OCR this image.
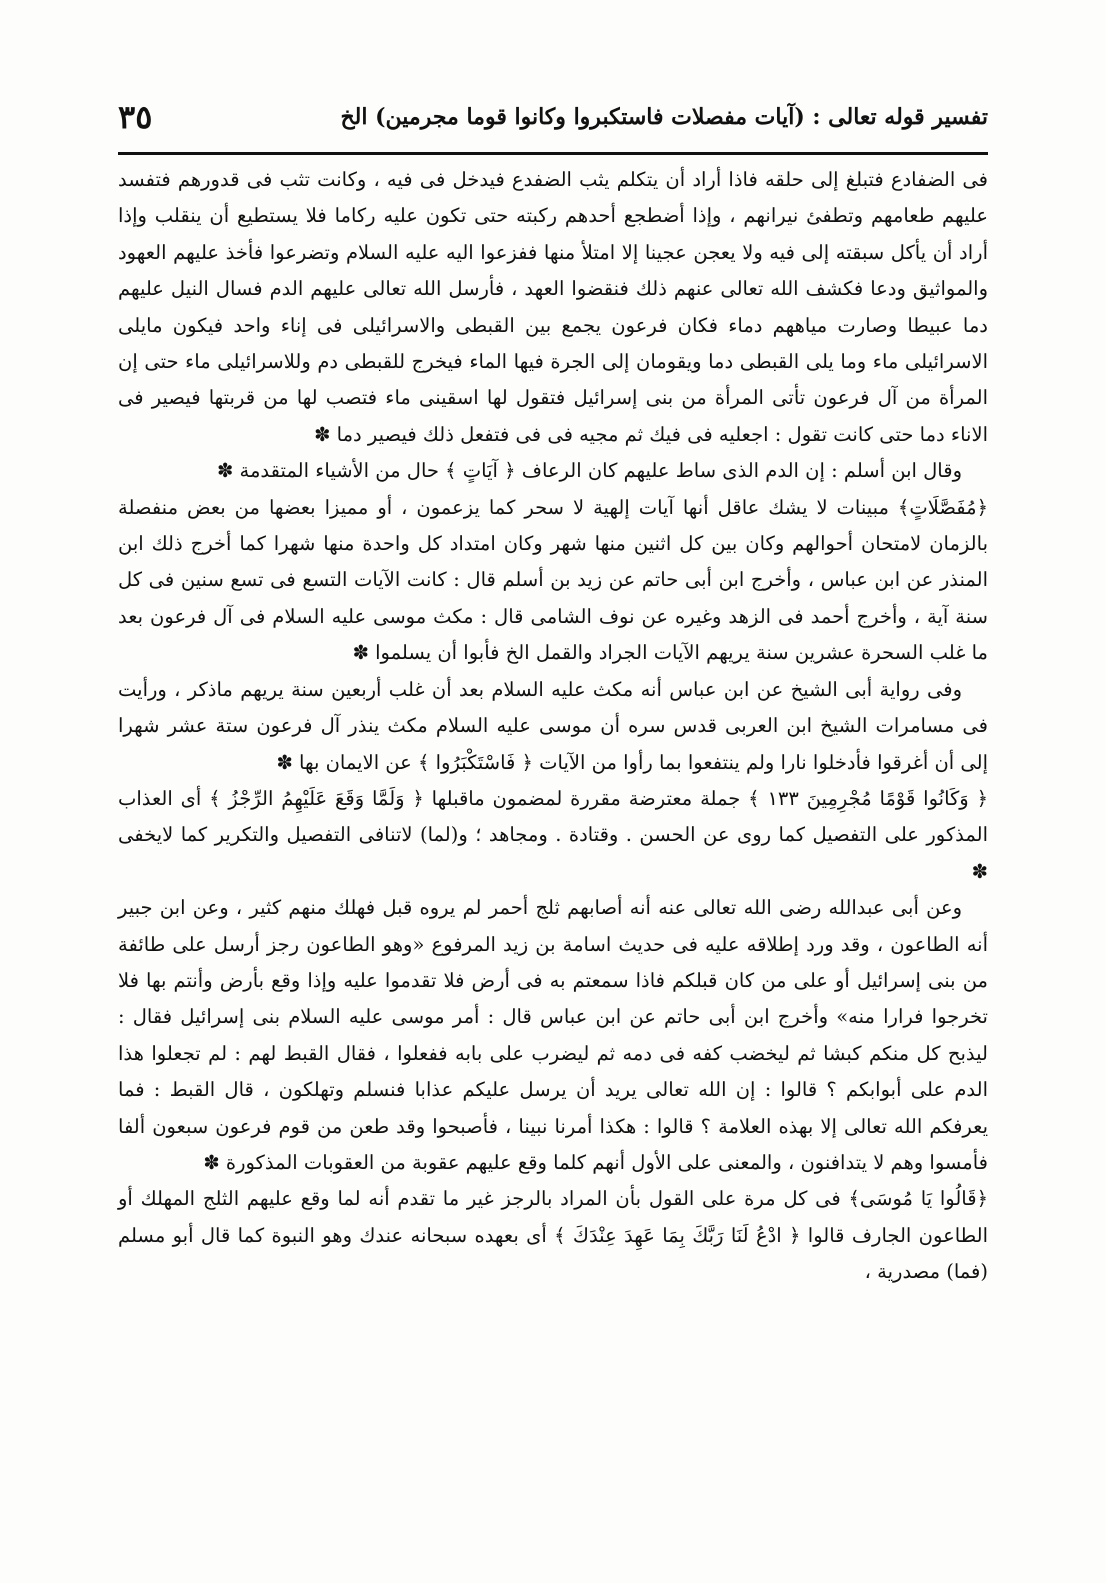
تفسير قوله تعالى : (آيات مفصلات فاستكبروا وكانوا قوما مجرمين) الخ
٣٥

فى الضفادع فتبلغ إلى حلقه فاذا أراد أن يتكلم يثب الضفدع فيدخل فى فيه ، وكانت تثب فى قدورهم فتفسد عليهم طعامهم وتطفئ نيرانهم ، وإذا أضطجع أحدهم ركبته حتى تكون عليه ركاما فلا يستطيع أن ينقلب وإذا أراد أن يأكل سبقته إلى فيه ولا يعجن عجينا إلا امتلأ منها ففزعوا اليه عليه السلام وتضرعوا فأخذ عليهم العهود والمواثيق ودعا فكشف الله تعالى عنهم ذلك فنقضوا العهد ، فأرسل الله تعالى عليهم الدم فسال النيل عليهم دما عبيطا وصارت مياههم دماء فكان فرعون يجمع بين القبطى والاسرائيلى فى إناء واحد فيكون مايلى الاسرائيلى ماء وما يلى القبطى دما ويقومان إلى الجرة فيها الماء فيخرج للقبطى دم وللاسرائيلى ماء حتى إن المرأة من آل فرعون تأتى المرأة من بنى إسرائيل فتقول لها اسقينى ماء فتصب لها من قربتها فيصير فى الاناء دما حتى كانت تقول : اجعليه فى فيك ثم مجيه فى فى فتفعل ذلك فيصير دما ✽

وقال ابن أسلم : إن الدم الذى ساط عليهم كان الرعاف ﴿ آيَاتٍ ﴾ حال من الأشياء المتقدمة ✽

﴿مُفَصَّلَاتٍ﴾ مبينات لا يشك عاقل أنها آيات إلهية لا سحر كما يزعمون ، أو مميزا بعضها من بعض منفصلة بالزمان لامتحان أحوالهم وكان بين كل اثنين منها شهر وكان امتداد كل واحدة منها شهرا كما أخرج ذلك ابن المنذر عن ابن عباس ، وأخرج ابن أبى حاتم عن زيد بن أسلم قال : كانت الآيات التسع فى تسع سنين فى كل سنة آية ، وأخرج أحمد فى الزهد وغيره عن نوف الشامى قال : مكث موسى عليه السلام فى آل فرعون بعد ما غلب السحرة عشرين سنة يريهم الآيات الجراد والقمل الخ فأبوا أن يسلموا ✽

وفى رواية أبى الشيخ عن ابن عباس أنه مكث عليه السلام بعد أن غلب أربعين سنة يريهم ماذكر ، ورأيت فى مسامرات الشيخ ابن العربى قدس سره أن موسى عليه السلام مكث ينذر آل فرعون ستة عشر شهرا إلى أن أغرقوا فأدخلوا نارا ولم ينتفعوا بما رأوا من الآيات ﴿ فَاسْتَكْبَرُوا ﴾ عن الايمان بها ✽

﴿ وَكَانُوا قَوْمًا مُجْرِمِينَ ١٣٣ ﴾ جملة معترضة مقررة لمضمون ماقبلها ﴿ وَلَمَّا وَقَعَ عَلَيْهِمُ الرِّجْزُ ﴾ أى العذاب المذكور على التفصيل كما روى عن الحسن . وقتادة . ومجاهد ؛ و(لما) لاتنافى التفصيل والتكرير كما لايخفى ✽

وعن أبى عبدالله رضى الله تعالى عنه أنه أصابهم ثلج أحمر لم يروه قبل فهلك منهم كثير ، وعن ابن جبير أنه الطاعون ، وقد ورد إطلاقه عليه فى حديث اسامة بن زيد المرفوع «وهو الطاعون رجز أرسل على طائفة من بنى إسرائيل أو على من كان قبلكم فاذا سمعتم به فى أرض فلا تقدموا عليه وإذا وقع بأرض وأنتم بها فلا تخرجوا فرارا منه» وأخرج ابن أبى حاتم عن ابن عباس قال : أمر موسى عليه السلام بنى إسرائيل فقال : ليذبح كل منكم كبشا ثم ليخضب كفه فى دمه ثم ليضرب على بابه ففعلوا ، فقال القبط لهم : لم تجعلوا هذا الدم على أبوابكم ؟ قالوا : إن الله تعالى يريد أن يرسل عليكم عذابا فنسلم وتهلكون ، قال القبط : فما يعرفكم الله تعالى إلا بهذه العلامة ؟ قالوا : هكذا أمرنا نبينا ، فأصبحوا وقد طعن من قوم فرعون سبعون ألفا فأمسوا وهم لا يتدافنون ، والمعنى على الأول أنهم كلما وقع عليهم عقوبة من العقوبات المذكورة ✽

﴿قَالُوا يَا مُوسَى﴾ فى كل مرة على القول بأن المراد بالرجز غير ما تقدم أنه لما وقع عليهم الثلج المهلك أو الطاعون الجارف قالوا ﴿ ادْعُ لَنَا رَبَّكَ بِمَا عَهِدَ عِنْدَكَ ﴾ أى بعهده سبحانه عندك وهو النبوة كما قال أبو مسلم (فما) مصدرية ،
